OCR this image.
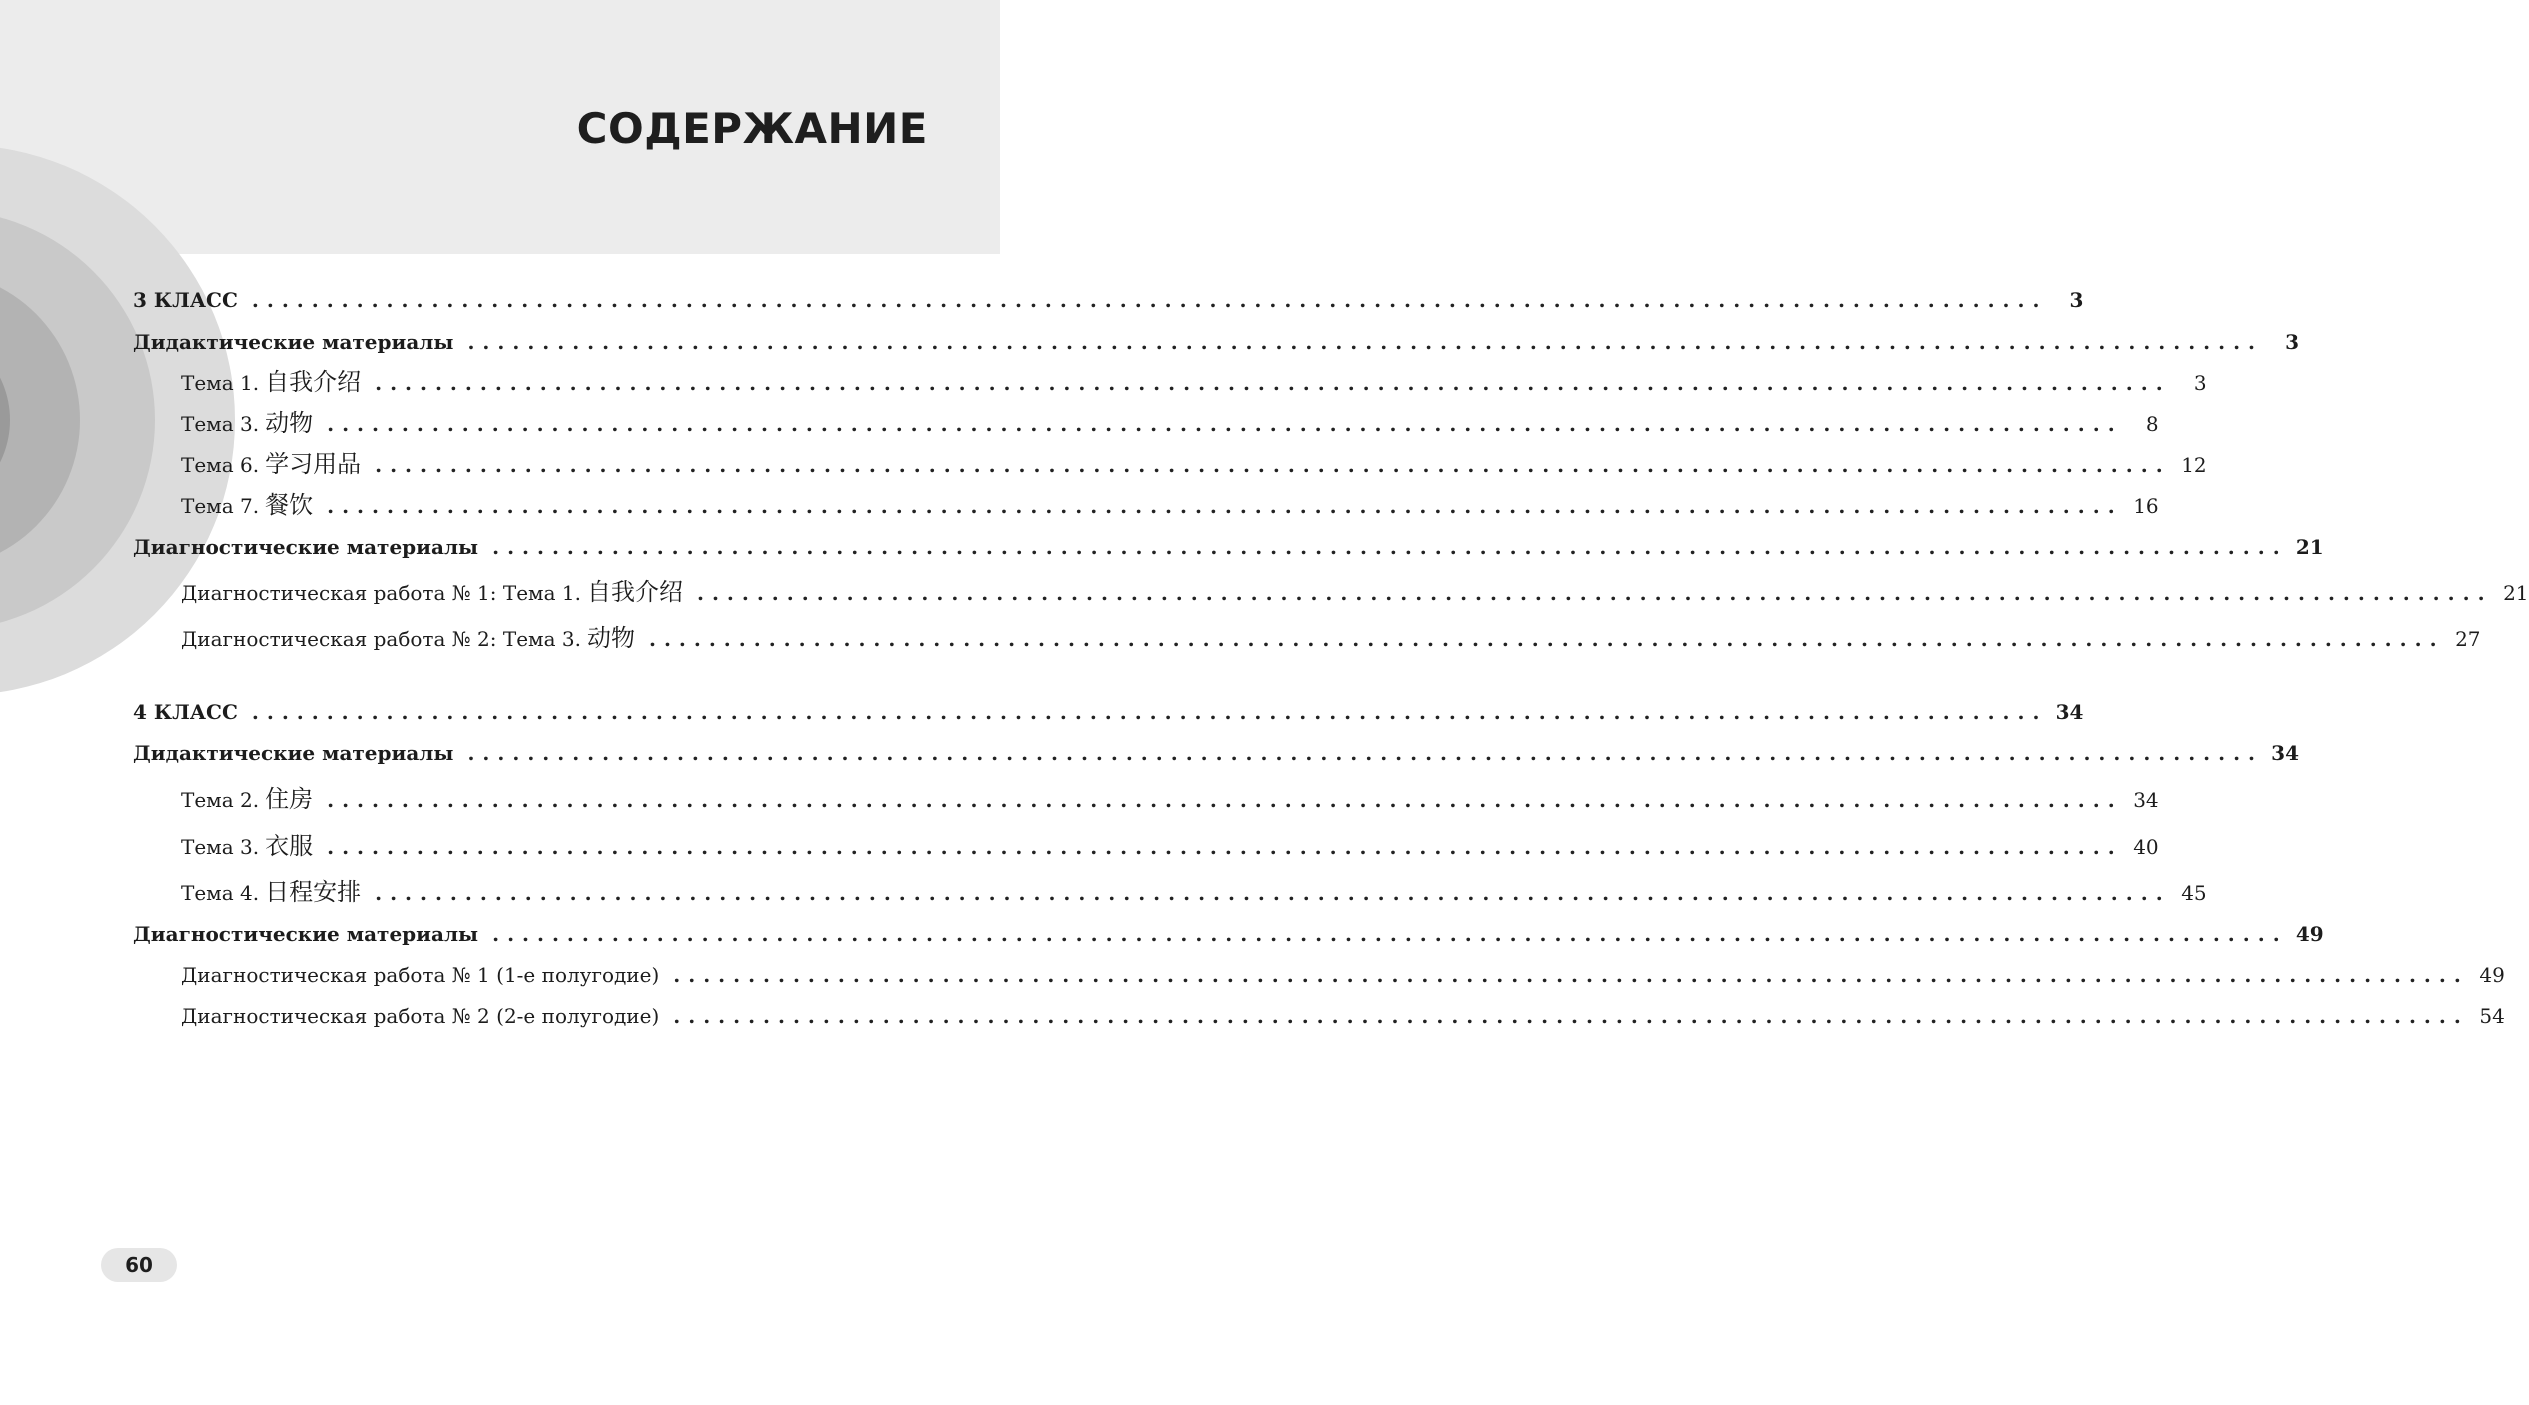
СОДЕРЖАНИЕ
3 КЛАСС ........................................................................................................................	3
Дидактические материалы ........................................................................................................................	3
Тема 1. 自我介绍 ........................................................................................................................	3
Тема 3. 动物 ........................................................................................................................	8
Тема 6. 学习用品 ........................................................................................................................ 12
Тема 7. 餐饮 ........................................................................................................................ 16
Диагностические материалы ........................................................................................................................ 21
Диагностическая работа № 1: Тема 1. 自我介绍 ........................................................................................................................ 21
Диагностическая работа № 2: Тема 3. 动物 ........................................................................................................................ 27
4 КЛАСС ........................................................................................................................ 34
Дидактические материалы ........................................................................................................................ 34
Тема 2. 住房 ........................................................................................................................ 34
Тема 3. 衣服 ........................................................................................................................ 40
Тема 4. 日程安排 ........................................................................................................................ 45
Диагностические материалы ........................................................................................................................ 49
Диагностическая работа № 1 (1-е полугодие) ........................................................................................................................ 49
Диагностическая работа № 2 (2-е полугодие) ........................................................................................................................ 54
60
